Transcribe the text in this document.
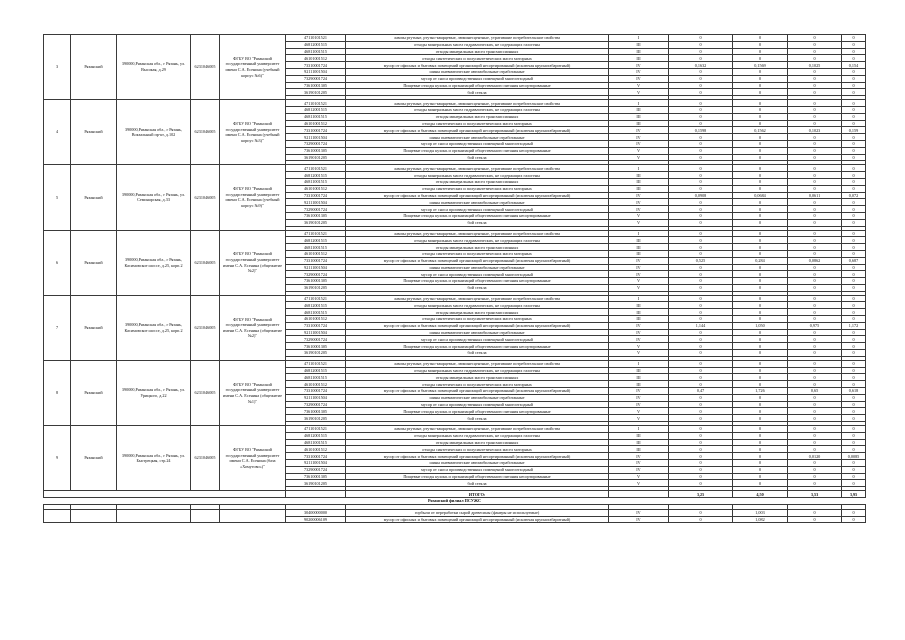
3	Рязанский	390000,Рязанская обл., г Рязань, ул. Высокая, д.29	6231046005	ФГБУ ВО "Рязанский государственный университет имени С.А. Есенина (учебный корпус №6)"	47110101521	лампы ртутные, ртутно-кварцевые, люминесцентные, утратившие потребительские свойства	I	0	0	0	0
					46812001515	отходы минеральных масел гидравлических, не содержащих галогены	III	0	0	0	0
					46811001515	отходы минеральных масел трансмиссионных	III	0	0	0	0
					46101001512	отходы синтетических и полусинтетических масел моторных	III	0	0	0	0
					73310001724	мусор от офисных и бытовых помещений организаций несортированный (исключая крупногабаритный)	IV	0,1632	0,1569	0,1025	0,154
					92111001504	шины пневматические автомобильные отработанные	IV	0	0	0	0
					73290001724	мусор от сноса производственных помещений многоотходный	IV	0	0	0	0
					73610001305	Пищевые отходы кухонь и организаций общественного питания несортированные	V	0	0	0	0
					36190101205	бой стекла	V	0	0	0	0

4	Рязанский	390000,Рязанская обл., г Рязань, Вокзальный пр-кт, д.102	6231046005	ФГБУ ВО "Рязанский государственный университет имени С.А. Есенина (учебный корпус №3)"	47110101521	лампы ртутные, ртутно-кварцевые, люминесцентные, утратившие потребительские свойства	I	0	0	0	0
					46812001515	отходы минеральных масел гидравлических, не содержащих галогены	III	0	0	0	0
					46811001515	отходы минеральных масел трансмиссионных	III	0	0	0	0
					46101001512	отходы синтетических и полусинтетических масел моторных	III	0	0	0	0
					73310001724	мусор от офисных и бытовых помещений организаций несортированный (исключая крупногабаритный)	IV	0,1598	0,1562	0,1023	0,159
					92111001504	шины пневматические автомобильные отработанные	IV	0	0	0	0
					73290001724	мусор от сноса производственных помещений многоотходный	IV	0	0	0	0
					73610001305	Пищевые отходы кухонь и организаций общественного питания несортированные	V	0	0	0	0
					36190101205	бой стекла	V	0	0	0	0

5	Рязанский	390000,Рязанская обл., г Рязань, ул. Семинарская, д.33	6231046005	ФГБУ ВО "Рязанский государственный университет имени С.А. Есенина (учебный корпус №9)"	47110101521	лампы ртутные, ртутно-кварцевые, люминесцентные, утратившие потребительские свойства	I	0	0	0	0
					46812001515	отходы минеральных масел гидравлических, не содержащих галогены	III	0	0	0	0
					46811001515	отходы минеральных масел трансмиссионных	III	0	0	0	0
					46101001512	отходы синтетических и полусинтетических масел моторных	III	0	0	0	0
					73310001724	мусор от офисных и бытовых помещений организаций несортированный (исключая крупногабаритный)	IV	0,0908	0,0684	0,0611	0,072
					92111001504	шины пневматические автомобильные отработанные	IV	0	0	0	0
					73290001724	мусор от сноса производственных помещений многоотходный	IV	0	0	0	0
					73610001305	Пищевые отходы кухонь и организаций общественного питания несортированные	V	0	0	0	0
					36190101205	бой стекла	V	0	0	0	0

6	Рязанский	390000,Рязанская обл., г Рязань, Касимовское шоссе, д.25, корп.2	6231046005	ФГБУ ВО "Рязанский государственный университет имени С.А. Есенина (общежитие №2)"	47110101521	лампы ртутные, ртутно-кварцевые, люминесцентные, утратившие потребительские свойства	I	0	0	0	0
					46812001515	отходы минеральных масел гидравлических, не содержащих галогены	III	0	0	0	0
					46811001515	отходы минеральных масел трансмиссионных	III	0	0	0	0
					46101001512	отходы синтетических и полусинтетических масел моторных	III	0	0	0	0
					73310001724	мусор от офисных и бытовых помещений организаций несортированный (исключая крупногабаритный)	IV	0,525	0,284	0,0862	0,687
					92111001504	шины пневматические автомобильные отработанные	IV	0	0	0	0
					73290001724	мусор от сноса производственных помещений многоотходный	IV	0	0	0	0
					73610001305	Пищевые отходы кухонь и организаций общественного питания несортированные	V	0	0	0	0
					36190101205	бой стекла	V	0	0	0	0

7	Рязанский	390000,Рязанская обл., г Рязань, Касимовское шоссе, д.25, корп.2	6231046005	ФГБУ ВО "Рязанский государственный университет имени С.А. Есенина (общежитие №2)"	47110101521	лампы ртутные, ртутно-кварцевые, люминесцентные, утратившие потребительские свойства	I	0	0	0	0
					46812001515	отходы минеральных масел гидравлических, не содержащих галогены	III	0	0	0	0
					46811001515	отходы минеральных масел трансмиссионных	III	0	0	0	0
					46101001512	отходы синтетических и полусинтетических масел моторных	III	0	0	0	0
					73310001724	мусор от офисных и бытовых помещений организаций несортированный (исключая крупногабаритный)	IV	1,144	1,050	0,975	1,172
					92111001504	шины пневматические автомобильные отработанные	IV	0	0	0	0
					73290001724	мусор от сноса производственных помещений многоотходный	IV	0	0	0	0
					73610001305	Пищевые отходы кухонь и организаций общественного питания несортированные	V	0	0	0	0
					36190101205	бой стекла	V	0	0	0	0

8	Рязанский	390000,Рязанская обл., г Рязань, ул. Урицкого, д.22	6231046005	ФГБУ ВО "Рязанский государственный университет имени С.А. Есенина (общежитие №1)"	47110101521	лампы ртутные, ртутно-кварцевые, люминесцентные, утратившие потребительские свойства	I	0	0	0	0
					46812001515	отходы минеральных масел гидравлических, не содержащих галогены	III	0	0	0	0
					46811001515	отходы минеральных масел трансмиссионных	III	0	0	0	0
					46101001512	отходы синтетических и полусинтетических масел моторных	III	0	0	0	0
					73310001724	мусор от офисных и бытовых помещений организаций несортированный (исключая крупногабаритный)	IV	0,47	1,726	0,65	0,618
					92111001504	шины пневматические автомобильные отработанные	IV	0	0	0	0
					73290001724	мусор от сноса производственных помещений многоотходный	IV	0	0	0	0
					73610001305	Пищевые отходы кухонь и организаций общественного питания несортированные	V	0	0	0	0
					36190101205	бой стекла	V	0	0	0	0

9	Рязанский	390000,Рязанская обл., г Рязань, ул. Быстрецкая, стр.24	6231046005	ФГБУ ВО "Рязанский государственный университет имени С.А. Есенина (база «Хомутово»)"	47110101521	лампы ртутные, ртутно-кварцевые, люминесцентные, утратившие потребительские свойства	I	0	0	0	0
					46812001515	отходы минеральных масел гидравлических, не содержащих галогены	III	0	0	0	0
					46811001515	отходы минеральных масел трансмиссионных	III	0	0	0	0
					46101001512	отходы синтетических и полусинтетических масел моторных	III	0	0	0	0
					73310001724	мусор от офисных и бытовых помещений организаций несортированный (исключая крупногабаритный)	IV	0	0	0,0120	0,0085
					92111001504	шины пневматические автомобильные отработанные	IV	0	0	0	0
					73290001724	мусор от сноса производственных помещений многоотходный	IV	0	0	0	0
					73610001305	Пищевые отходы кухонь и организаций общественного питания несортированные	V	0	0	0	0
					36190101205	бой стекла	V	0	0	0	0

						ИТОГО:		3,25	4,50	3,53	3,95
Рязанский филиал ПСУЖС											

					30400000000	горбыли от переработки сырой древесины (фанеры не используемые)	IV	0	1,003	0	0
					90200006109	мусор от офисных и бытовых помещений организаций несортированный (исключая крупногабаритный)	IV	0	1,082	0	0
